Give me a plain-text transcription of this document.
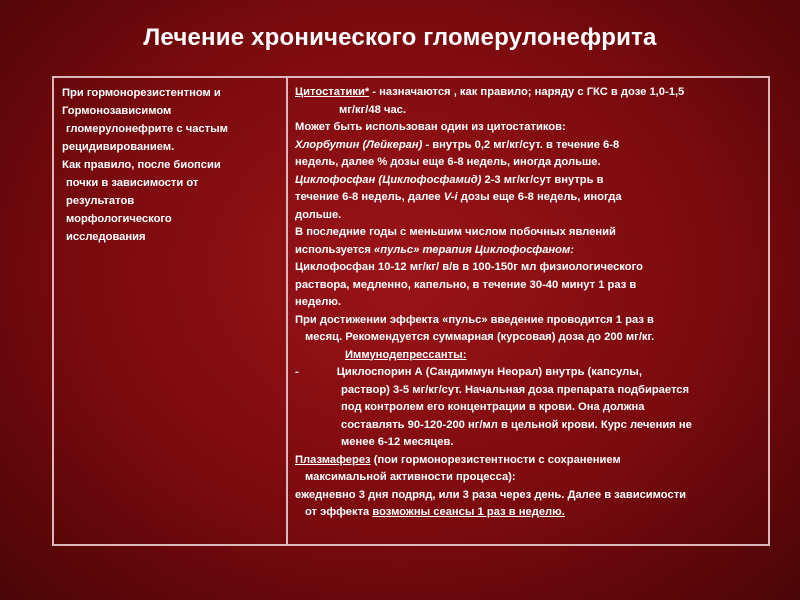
Лечение хронического гломерулонефрита
При гормонорезистентном и
Гормонозависимом
гломерулонефрите с частым
рецидивированием.
Как правило, после биопсии
почки в зависимости от
результатов
морфологического
исследования
Цитостатики* - назначаются , как правило; наряду с ГКС в дозе 1,0-1,5
мг/кг/48 час.
Может быть использован один из цитостатиков:
Хлорбутин (Лейкеран) - внутрь 0,2 мг/кг/сут. в течение 6-8
недель, далее % дозы еще 6-8 недель, иногда дольше.
Циклофосфан (Циклофосфамид) 2-3 мг/кг/сут внутрь в
течение 6-8 недель, далее V-i дозы еще 6-8 недель, иногда
дольше.
В последние годы с меньшим числом побочных явлений
используется «пульс» терапия Циклофосфаном:
Циклофосфан 10-12 мг/кг/ в/в в 100-150г мл физиологического
раствора, медленно, капельно, в течение 30-40 минут 1 раз в
неделю.
При достижении эффекта «пульс» введение проводится 1 раз в
месяц. Рекомендуется суммарная (курсовая) доза до 200 мг/кг.
Иммунодепрессанты:
-	Циклоспорин А (Сандиммун Неорал) внутрь (капсулы,
раствор) 3-5 мг/кг/сут. Начальная доза препарата подбирается
под контролем его концентрации в крови. Она должна
составлять 90-120-200 нг/мл в цельной крови. Курс лечения не
менее 6-12 месяцев.
Плазмаферез (пои гормонорезистентности с сохранением
максимальной активности процесса):
ежедневно 3 дня подряд, или 3 раза через день. Далее в зависимости
от эффекта возможны сеансы 1 раз в неделю.
